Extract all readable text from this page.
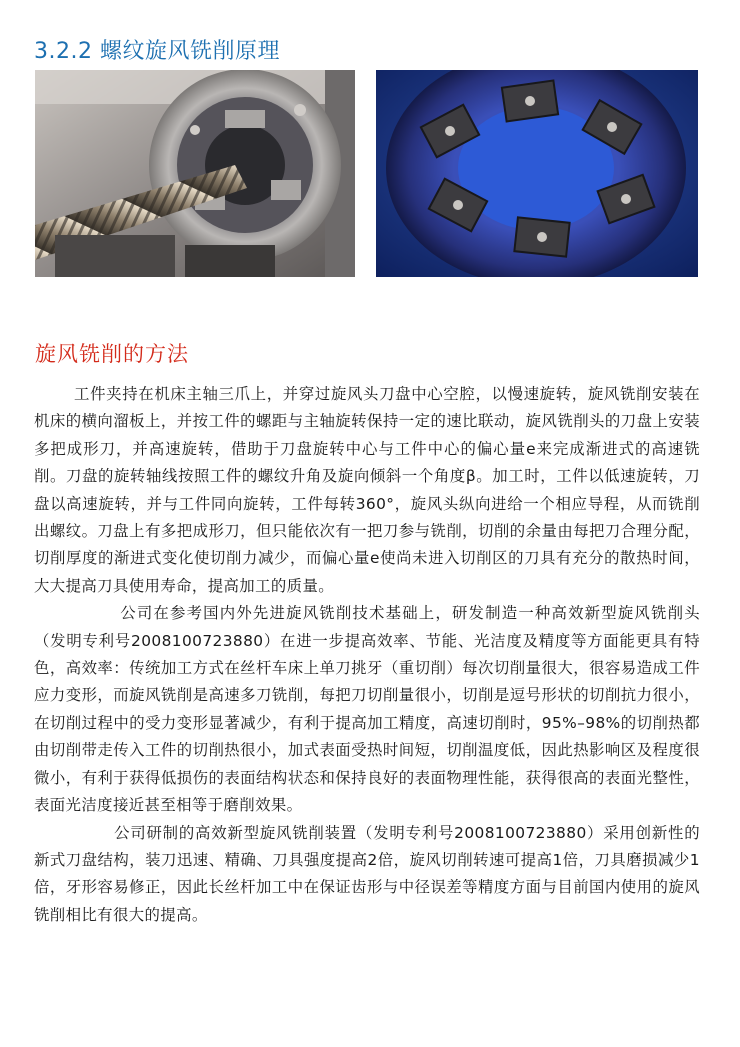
3.2.2 螺纹旋风铣削原理
旋风铣削的方法

工件夹持在机床主轴三爪上，并穿过旋风头刀盘中心空腔，以慢速旋转，旋风铣削安装在机床的横向溜板上，并按工件的螺距与主轴旋转保持一定的速比联动，旋风铣削头的刀盘上安装多把成形刀，并高速旋转，借助于刀盘旋转中心与工件中心的偏心量e来完成渐进式的高速铣削。刀盘的旋转轴线按照工件的螺纹升角及旋向倾斜一个角度β。加工时，工件以低速旋转，刀盘以高速旋转，并与工件同向旋转，工件每转360°，旋风头纵向进给一个相应导程，从而铣削出螺纹。刀盘上有多把成形刀，但只能依次有一把刀参与铣削，切削的余量由每把刀合理分配，切削厚度的渐进式变化使切削力减少，而偏心量e使尚未进入切削区的刀具有充分的散热时间，大大提高刀具使用寿命，提高加工的质量。

公司在参考国内外先进旋风铣削技术基础上，研发制造一种高效新型旋风铣削头（发明专利号2008100723880）在进一步提高效率、节能、光洁度及精度等方面能更具有特色，高效率：传统加工方式在丝杆车床上单刀挑牙（重切削）每次切削量很大，很容易造成工件应力变形，而旋风铣削是高速多刀铣削，每把刀切削量很小，切削是逗号形状的切削抗力很小，在切削过程中的受力变形显著减少，有利于提高加工精度，高速切削时，95%–98%的切削热都由切削带走传入工件的切削热很小，加式表面受热时间短，切削温度低，因此热影响区及程度很微小，有利于获得低损伤的表面结构状态和保持良好的表面物理性能，获得很高的表面光整性，表面光洁度接近甚至相等于磨削效果。

公司研制的高效新型旋风铣削装置（发明专利号2008100723880）采用创新性的新式刀盘结构，装刀迅速、精确、刀具强度提高2倍，旋风切削转速可提高1倍，刀具磨损减少1倍，牙形容易修正，因此长丝杆加工中在保证齿形与中径误差等精度方面与目前国内使用的旋风铣削相比有很大的提高。
